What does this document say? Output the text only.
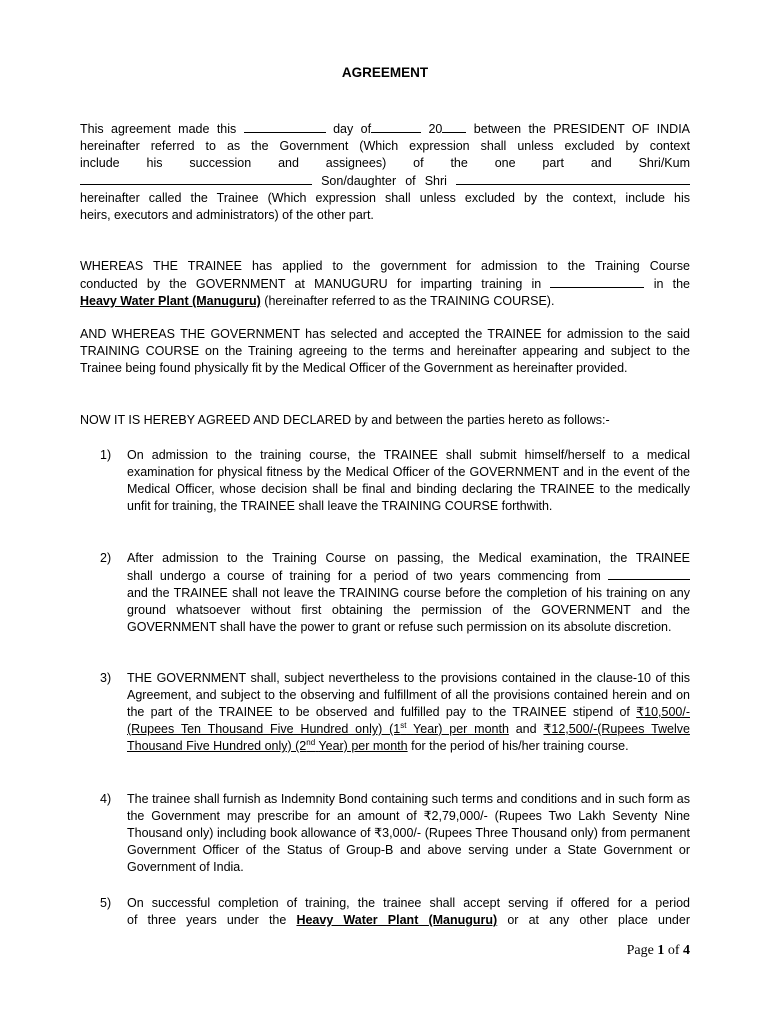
AGREEMENT
This agreement made this	day of	20	between the PRESIDENT OF INDIA
hereinafter referred to as the Government (Which expression shall unless excluded by context
include his succession and assignees) of the one part and Shri/Kum
Son/daughter of Shri
hereinafter called the Trainee (Which expression shall unless excluded by the context, include his
heirs, executors and administrators) of the other part.
WHEREAS THE TRAINEE has applied to the government for admission to the Training Course
conducted by the GOVERNMENT at MANUGURU for imparting training in	in the
Heavy Water Plant (Manuguru) (hereinafter referred to as the TRAINING COURSE).
AND WHEREAS THE GOVERNMENT has selected and accepted the TRAINEE for admission to the said TRAINING COURSE on the Training agreeing to the terms and hereinafter appearing and subject to the Trainee being found physically fit by the Medical Officer of the Government as hereinafter provided.
NOW IT IS HEREBY AGREED AND DECLARED by and between the parties hereto as follows:-
1) On admission to the training course, the TRAINEE shall submit himself/herself to a medical examination for physical fitness by the Medical Officer of the GOVERNMENT and in the event of the Medical Officer, whose decision shall be final and binding declaring the TRAINEE to the medically unfit for training, the TRAINEE shall leave the TRAINING COURSE forthwith.
2) After admission to the Training Course on passing, the Medical examination, the TRAINEE
shall undergo a course of training for a period of two years commencing from
and the TRAINEE shall not leave the TRAINING course before the completion of his training on any ground whatsoever without first obtaining the permission of the GOVERNMENT and the GOVERNMENT shall have the power to grant or refuse such permission on its absolute discretion.
3) THE GOVERNMENT shall, subject nevertheless to the provisions contained in the clause-10 of this Agreement, and subject to the observing and fulfillment of all the provisions contained herein and on the part of the TRAINEE to be observed and fulfilled pay to the TRAINEE stipend of ₹10,500/-(Rupees Ten Thousand Five Hundred only) (1st Year) per month and ₹12,500/-(Rupees Twelve Thousand Five Hundred only) (2nd Year) per month for the period of his/her training course.
4) The trainee shall furnish as Indemnity Bond containing such terms and conditions and in such form as the Government may prescribe for an amount of ₹2,79,000/- (Rupees Two Lakh Seventy Nine Thousand only) including book allowance of ₹3,000/- (Rupees Three Thousand only) from permanent Government Officer of the Status of Group-B and above serving under a State Government or Government of India.
5) On successful completion of training, the trainee shall accept serving if offered for a period
of three years under the Heavy Water Plant (Manuguru) or at any other place under
Page 1 of 4
